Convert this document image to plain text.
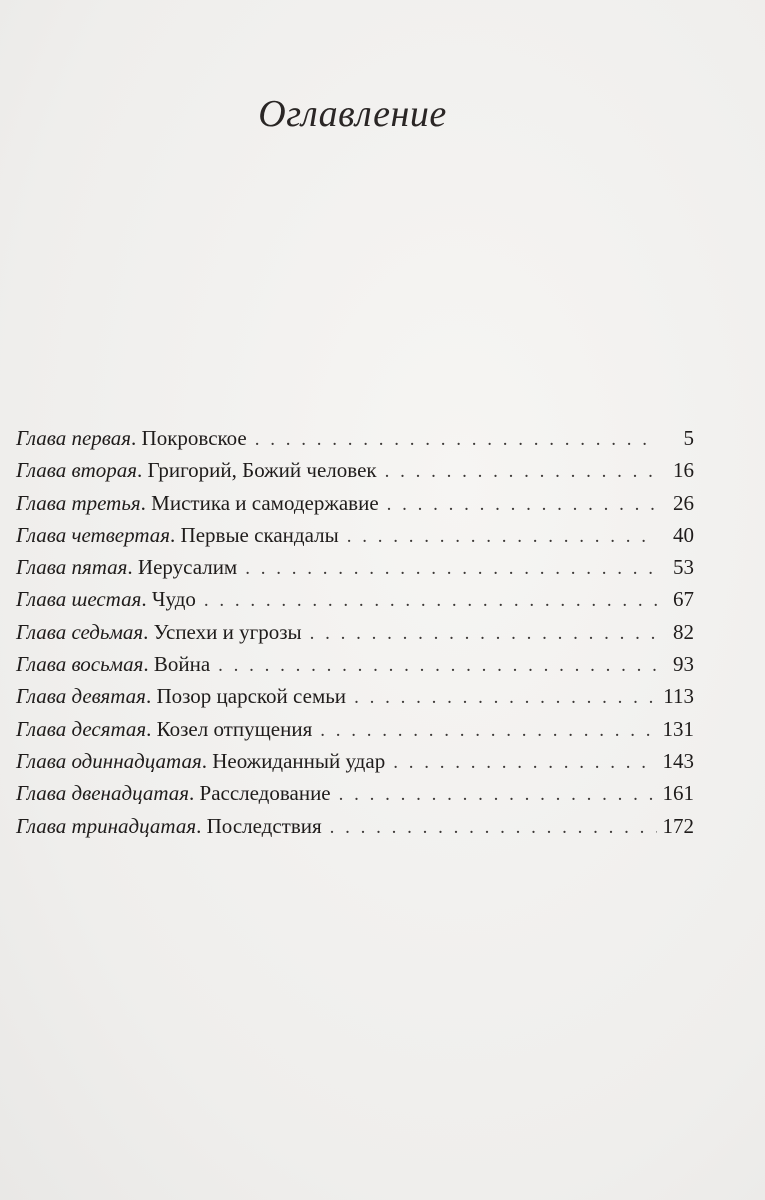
Оглавление
Глава первая . Покровское . . .	5
Глава вторая . Григорий, Божий человек . . .	16
Глава третья . Мистика и самодержавие . . .	26
Глава четвертая . Первые скандалы . . .	40
Глава пятая . Иерусалим . . .	53
Глава шестая . Чудо . . .	67
Глава седьмая . Успехи и угрозы . . .	82
Глава восьмая . Война . . .	93
Глава девятая . Позор царской семьи . . .	113
Глава десятая . Козел отпущения . . .	131
Глава одиннадцатая . Неожиданный удар . . .	143
Глава двенадцатая . Расследование . . .	161
Глава тринадцатая . Последствия . . .	172
